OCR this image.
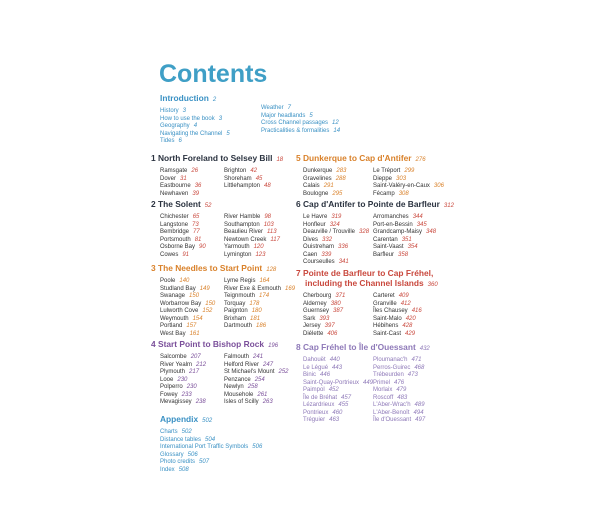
Contents
Introduction 2
History 3
How to use the book 3
Geography 4
Navigating the Channel 5
Tides 6
Weather 7
Major headlands 5
Cross Channel passages 12
Practicalities & formalities 14
1 North Foreland to Selsey Bill 18
Ramsgate 26
Dover 31
Eastbourne 36
Newhaven 39
Brighton 42
Shoreham 45
Littlehampton 48
2 The Solent 52
Chichester 65
Langstone 73
Bembridge 77
Portsmouth 81
Osborne Bay 90
Cowes 91
River Hamble 98
Southampton 103
Beaulieu River 113
Newtown Creek 117
Yarmouth 120
Lymington 123
3 The Needles to Start Point 128
Poole 140
Studland Bay 149
Swanage 150
Worbarrow Bay 150
Lulworth Cove 152
Weymouth 154
Portland 157
West Bay 161
Lyme Regis 164
River Exe & Exmouth 169
Teignmouth 174
Torquay 178
Paignton 180
Brixham 181
Dartmouth 186
4 Start Point to Bishop Rock 196
Salcombe 207
River Yealm 212
Plymouth 217
Looe 230
Polperro 230
Fowey 233
Mevagissey 238
Falmouth 241
Helford River 247
St Michael's Mount 252
Penzance 254
Newlyn 258
Mousehole 261
Isles of Scilly 263
5 Dunkerque to Cap d'Antifer 276
Dunkerque 283
Gravelines 288
Calais 291
Boulogne 295
Le Tréport 299
Dieppe 303
Saint-Valéry-en-Caux 306
Fécamp 308
6 Cap d'Antifer to Pointe de Barfleur 312
Le Havre 319
Honfleur 324
Deauville / Trouville 328
Dives 332
Ouistreham 336
Caen 339
Courseulles 341
Arromanches 344
Port-en-Bessin 345
Grandcamp-Maisy 348
Carentan 351
Saint-Vaast 354
Barfleur 358
7 Pointe de Barfleur to Cap Fréhel,
including the Channel Islands 360
Cherbourg 371
Alderney 380
Guernsey 387
Sark 393
Jersey 397
Diélette 406
Carteret 409
Granville 412
Îles Chausey 416
Saint-Malo 420
Hébihens 428
Saint-Cast 429
8 Cap Fréhel to Île d'Ouessant 432
Dahouët 440
Le Légué 443
Binic 446
Saint-Quay-Portrieux 449
Paimpol 452
Île de Bréhat 457
Lézardrieux 455
Pontrieux 460
Tréguier 463
Ploumanac'h 471
Perros-Guirec 468
Trébeurden 473
Primel 476
Morlaix 479
Roscoff 483
L'Aber-Wrac'h 489
L'Aber-Benoît 494
Île d'Ouessant 497
Appendix 502
Charts 502
Distance tables 504
International Port Traffic Symbols 506
Glossary 506
Photo credits 507
Index 508
